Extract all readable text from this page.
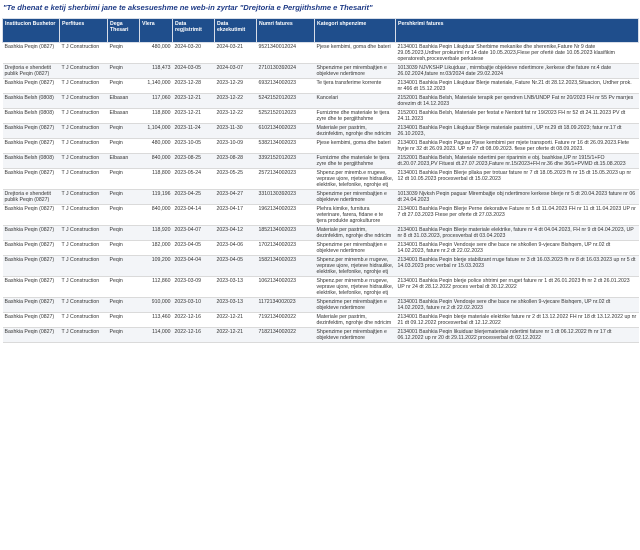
"Te dhenat e ketij sherbimi jane te aksesueshme ne web-in zyrtar "Drejtoria e Pergjithshme e Thesarit"
Institucion Buxhetor	Perfitues	Dega Thesari	Vlera	Data regjistrimit	Data ekzekutimit	Numri fatures	Kategori shpenzime	Pershkrimi fatures
Bashkia Peqin (0827)	T J Construction	Peqin	480,000	2024-03-20	2024-03-21	9521340012024	Pjese kembimi, goma dhe bateri	2134001 Bashkia Peqin Likujduar Sherbime mekanike dhe sherenike,Fature Nr 9 date 29.05.2023,Urdher prokurimi nr 14 date 10.05.2023,Flese per ofertë date 10.05.2023 klasifikim operatoresh,procesverbale perkatese
Drejtoria e shendetit publik Peqin (0827)	T J Construction	Peqin	118,473	2024-03-05	2024-03-07	2710130392024	Shpenzime per mirembajtjen e objekteve ndertimore	1013039 NJVKSHP Likujduar , mirmbajtje objekteve ndertimore ,kerkese dhe fature nr.4 date 26.02.2024,fature nr.03/2024 date 29.02.2024
Bashkia Peqin (0827)	T J Construction	Peqin	1,140,000	2023-12-28	2023-12-29	6932134002023	Te tjera transferime korrente	2134001 Bashkia Peqin Likujduar Blerje materiale, Fature Nr.21 dt 28.12.2023,Situacion, Urdher prok. nr 466 dt 15.12.2023
Bashkia Belsh (0808)	T J Construction	Elbasan	117,060	2023-12-21	2023-12-22	5242152012023	Kancelari	2152001 Bashkia Belsh, Materiale terapik per qendren LNB/UNDP Fat nr 20/2023 FH nr 55 Pv marrjes dorezim dt 14.12.2023
Bashkia Belsh (0808)	T J Construction	Elbasan	118,800	2023-12-21	2023-12-22	5252152012023	Furnizime dhe materiale te tjera zyre dhe te pergjithshme	2152001 Bashkia Belsh, Materiale per festat e Nentorit fat nr 19/2023 FH nr 52 dt 24.11.2023 PV dt 24.11.2023
Bashkia Peqin (0827)	T J Construction	Peqin	1,104,000	2023-11-24	2023-11-30	6102134002023	Materiale per pastrim, dezinfektim, ngrohje dhe ndricim	2134001 Bashkia Peqin Likujduar Blerje materiale pastrimi , UP nr.29 dt 18.09.2023; fatur nr.17 dt 26.10.2023,
Bashkia Peqin (0827)	T J Construction	Peqin	480,000	2023-10-05	2023-10-09	5382134002023	Pjese kembimi, goma dhe bateri	2134001 Bashkia Peqin Paguar Pjese kembimi per mjete transporti. Fature nr 16 dt 26.09.2023.Flete hyrje nr 32 dt 26.09.2023. UP nr 27 dt 08.09.2023. flese per oferte dt 08.09.2023.
Bashkia Belsh (0808)	T J Construction	Elbasan	840,000	2023-08-25	2023-08-28	3392152012023	Furnizime dhe materiale te tjera zyre dhe te pergjithshme	2152001 Bashkia Belsh, Materiale ndertimi per riparimin e obj. bashkise,UP nr 1915/1+FO dt.20.07.2023,PV Fituesi dt.27.07.2023,Fature nr.15/2023+FH nr.36 dhe 36/1+PVMD dt.15.08.2023
Bashkia Peqin (0827)	T J Construction	Peqin	118,800	2023-05-24	2023-05-25	2572134002023	Shpenz.per miremb.e rrugeve, veprave ujore, rrjeteve hidraulike, elektrike, telefonike, ngrohje etj	2134001 Bashkia Peqin Blerje pllaka per trotuar fature nr 7 dt 18.05.2023 fh nr 15 dt 15.05.2023 up nr 12 dt 10.05.2023 procesverbal dt 15.02.2023
Drejtoria e shendetit publik Peqin (0827)	T J Construction	Peqin	119,196	2023-04-25	2023-04-27	3310130392023	Shpenzime per mirembajtjen e objekteve ndertimore	1013039 Njvksh Peqin paguar Mirembajtje obj ndertimore kerkese blerje nr 5 dt 20.04.2023 fature nr 06 dt 24.04.2023
Bashkia Peqin (0827)	T J Construction	Peqin	840,000	2023-04-14	2023-04-17	1962134002023	Plehra kimike, furnitura veterinare, farera, fidane e te tjera produkte agrokulturore	2134001 Bashkia Peqin Blerje Perne dekorative Fature nr 5 dt 11.04.2023 FH nr 11 dt 11.04.2023 UP nr 7 dt 27.03.2023 Ftese per oferte dt 27.03.2023
Bashkia Peqin (0827)	T J Construction	Peqin	118,920	2023-04-07	2023-04-12	1852134002023	Materiale per pastrim, dezinfektim, ngrohje dhe ndricim	2134001 Bashkia Peqin Blerje materiale elektrike, fature nr 4 dt 04.04.2023, FH nr 9 dt 04.04.2023, UP nr 8 dt 31.03.2023, procesverbal dt 03.04.2023
Bashkia Peqin (0827)	T J Construction	Peqin	182,000	2023-04-05	2023-04-06	1702134002023	Shpenzime per mirembajtjen e objekteve ndertimore	2134001 Bashkia Peqin Vendosje sere dhe bace ne shkollen 9-vjecare Bishqem, UP nr.02 dt 14.02.2023, fature nr.2 dt 22.02.2023
Bashkia Peqin (0827)	T J Construction	Peqin	109,200	2023-04-04	2023-04-05	1582134002023	Shpenz.per mirremb.e rrugeve, veprave ujore, rrjeteve hidraulike, elektrike, telefonike, ngrohje etj	2134001 Bashkia Peqin blerje stabilizant rruge fature nr 3 dt 16.03.2023 fh nr 8 dt 16.03.2023 up nr 5 dt 14.03.2023 proc verbal nr 15.03.2023
Bashkia Peqin (0827)	T J Construction	Peqin	112,860	2023-03-09	2023-03-13	1062134002023	Shpenz.per mirremb.e rrugeve, veprave ujore, rrjeteve hidraulike, elektrike, telefonike, ngrohje etj	2134001 Bashkia Peqin blerje police shtrimi per rruget fature nr 1 dt 26.01.2023 fh nr 2 dt 26.01.2023 UP nr 24 dt 28.12.2022 proces verbal dt 30.12.2022
Bashkia Peqin (0827)	T J Construction	Peqin	910,000	2023-03-10	2023-03-13	1172134002023	Shpenzime per mirembajtjen e objekteve ndertimore	2134001 Bashkia Peqin Vendosje sere dhe bace ne shkollen 9-vjecare Bishqem, UP nr.02 dt 14.02.2023, fature nr.2 dt 22.02.2023
Bashkia Peqin (0827)	T J Construction	Peqin	113,460	2022-12-16	2022-12-21	7192134002022	Materiale per pastrim, dezinfektim, ngrohje dhe ndricim	2134001 Bashkia Peqin blerje materiale elektrike fature nr 2 dt 13.12.2022 FH nr 18 dt 13.12.2022 up nr 21 dt 09.12.2022 procesverbal dt 12.12.2022
Bashkia Peqin (0827)	T J Construction	Peqin	114,000	2022-12-16	2022-12-21	7182134002022	Shpenzime per mirembajtjen e objekteve ndertimore	2134001 Bashkia Peqin likuiduar blerjemateriale ndertimi fature nr 1 dt 06.12.2022 fh nr 17 dt 06.12.2022 up nr 20 dt 29.11.2022 procesverbal dt 02.12.2022
